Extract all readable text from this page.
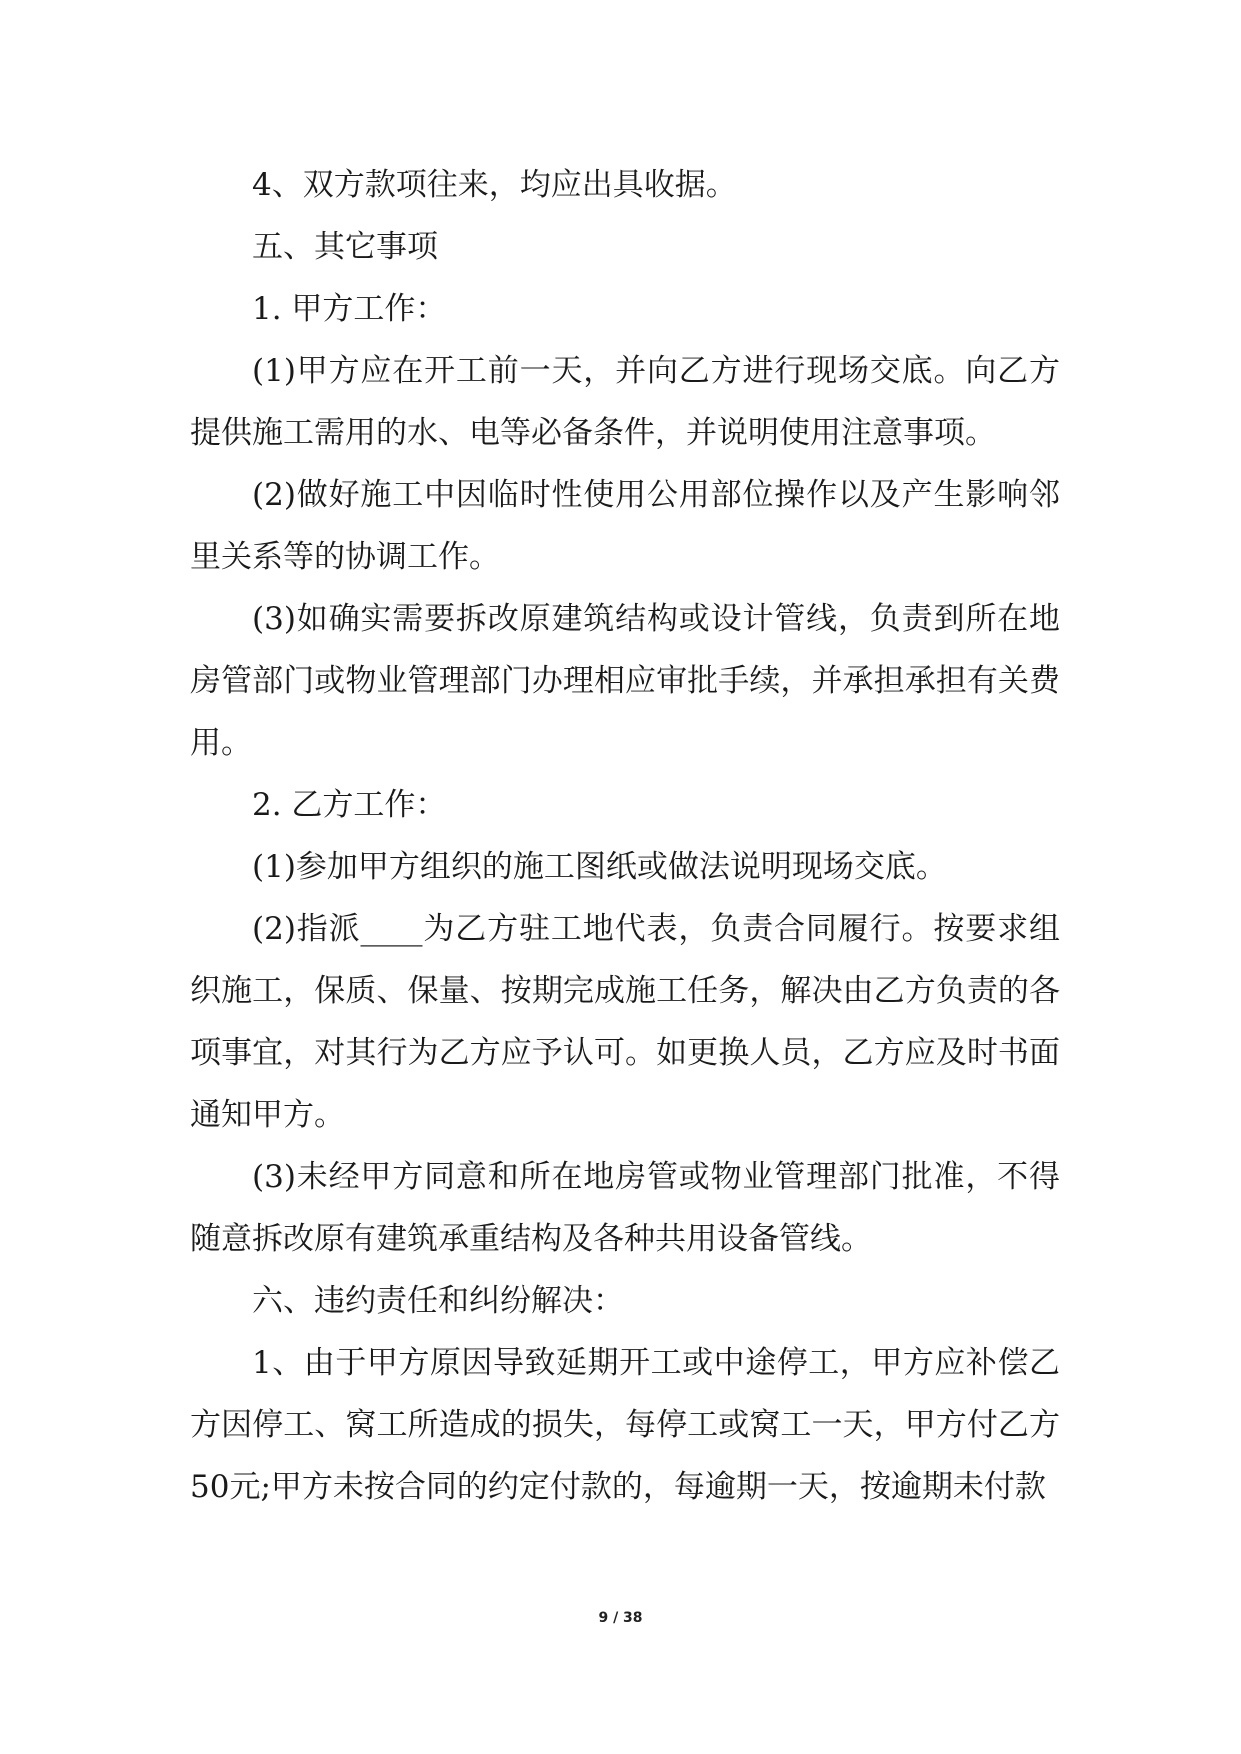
4、双方款项往来，均应出具收据。

五、其它事项

1. 甲方工作：

(1)甲方应在开工前一天，并向乙方进行现场交底。向乙方提供施工需用的水、电等必备条件，并说明使用注意事项。

(2)做好施工中因临时性使用公用部位操作以及产生影响邻里关系等的协调工作。

(3)如确实需要拆改原建筑结构或设计管线，负责到所在地房管部门或物业管理部门办理相应审批手续，并承担承担有关费用。

2. 乙方工作：

(1)参加甲方组织的施工图纸或做法说明现场交底。

(2)指派____为乙方驻工地代表，负责合同履行。按要求组织施工，保质、保量、按期完成施工任务，解决由乙方负责的各项事宜，对其行为乙方应予认可。如更换人员，乙方应及时书面通知甲方。

(3)未经甲方同意和所在地房管或物业管理部门批准，不得随意拆改原有建筑承重结构及各种共用设备管线。

六、违约责任和纠纷解决：

1、由于甲方原因导致延期开工或中途停工，甲方应补偿乙方因停工、窝工所造成的损失，每停工或窝工一天，甲方付乙方50元;甲方未按合同的约定付款的，每逾期一天，按逾期未付款

9 / 38
